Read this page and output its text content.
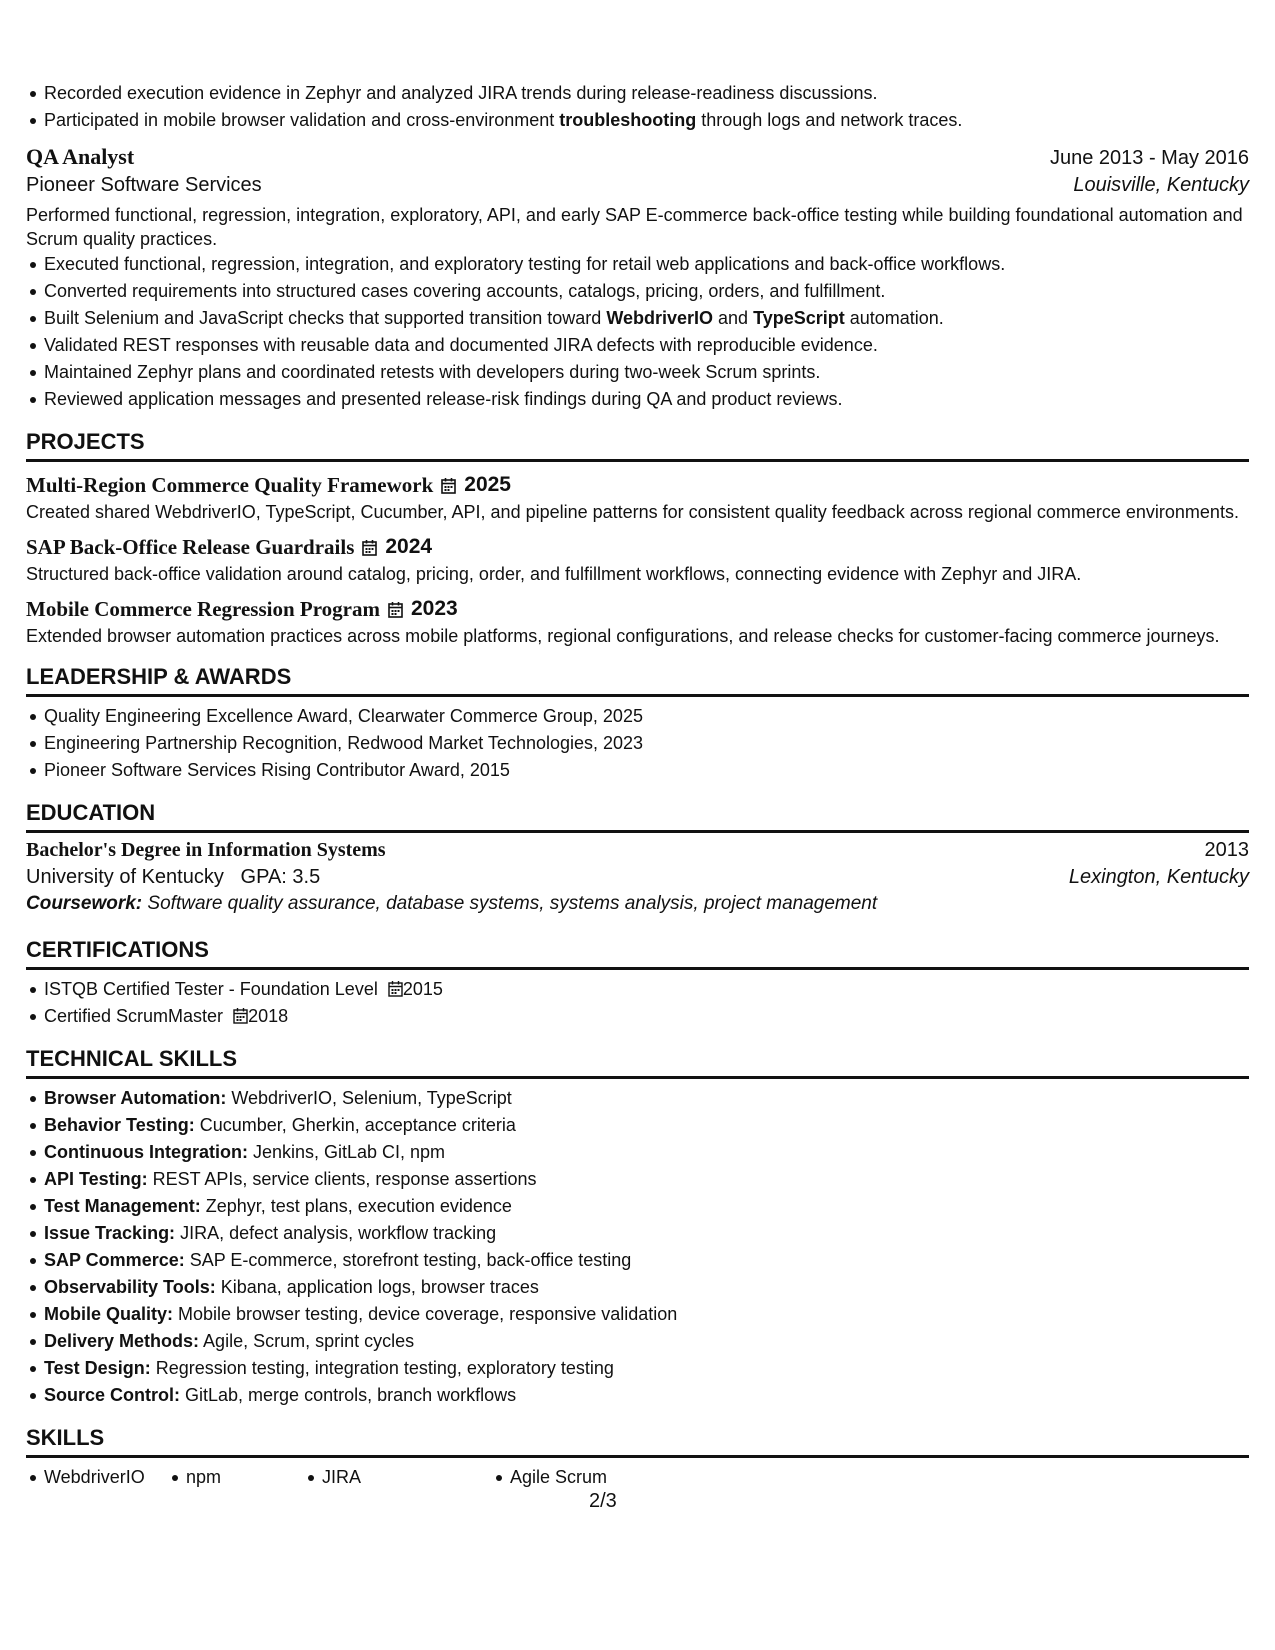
Recorded execution evidence in Zephyr and analyzed JIRA trends during release-readiness discussions.
Participated in mobile browser validation and cross-environment troubleshooting through logs and network traces.
QA Analyst	June 2013 - May 2016
Pioneer Software Services	Louisville, Kentucky
Performed functional, regression, integration, exploratory, API, and early SAP E-commerce back-office testing while building foundational automation and Scrum quality practices.
Executed functional, regression, integration, and exploratory testing for retail web applications and back-office workflows.
Converted requirements into structured cases covering accounts, catalogs, pricing, orders, and fulfillment.
Built Selenium and JavaScript checks that supported transition toward WebdriverIO and TypeScript automation.
Validated REST responses with reusable data and documented JIRA defects with reproducible evidence.
Maintained Zephyr plans and coordinated retests with developers during two-week Scrum sprints.
Reviewed application messages and presented release-risk findings during QA and product reviews.
PROJECTS
Multi-Region Commerce Quality Framework 2025
Created shared WebdriverIO, TypeScript, Cucumber, API, and pipeline patterns for consistent quality feedback across regional commerce environments.
SAP Back-Office Release Guardrails 2024
Structured back-office validation around catalog, pricing, order, and fulfillment workflows, connecting evidence with Zephyr and JIRA.
Mobile Commerce Regression Program 2023
Extended browser automation practices across mobile platforms, regional configurations, and release checks for customer-facing commerce journeys.
LEADERSHIP & AWARDS
Quality Engineering Excellence Award, Clearwater Commerce Group, 2025
Engineering Partnership Recognition, Redwood Market Technologies, 2023
Pioneer Software Services Rising Contributor Award, 2015
EDUCATION
Bachelor's Degree in Information Systems	2013
University of Kentucky GPA: 3.5	Lexington, Kentucky
Coursework: Software quality assurance, database systems, systems analysis, project management
CERTIFICATIONS
ISTQB Certified Tester - Foundation Level 2015
Certified ScrumMaster 2018
TECHNICAL SKILLS
Browser Automation: WebdriverIO, Selenium, TypeScript
Behavior Testing: Cucumber, Gherkin, acceptance criteria
Continuous Integration: Jenkins, GitLab CI, npm
API Testing: REST APIs, service clients, response assertions
Test Management: Zephyr, test plans, execution evidence
Issue Tracking: JIRA, defect analysis, workflow tracking
SAP Commerce: SAP E-commerce, storefront testing, back-office testing
Observability Tools: Kibana, application logs, browser traces
Mobile Quality: Mobile browser testing, device coverage, responsive validation
Delivery Methods: Agile, Scrum, sprint cycles
Test Design: Regression testing, integration testing, exploratory testing
Source Control: GitLab, merge controls, branch workflows
SKILLS
WebdriverIO	npm	JIRA	Agile Scrum
2/3
